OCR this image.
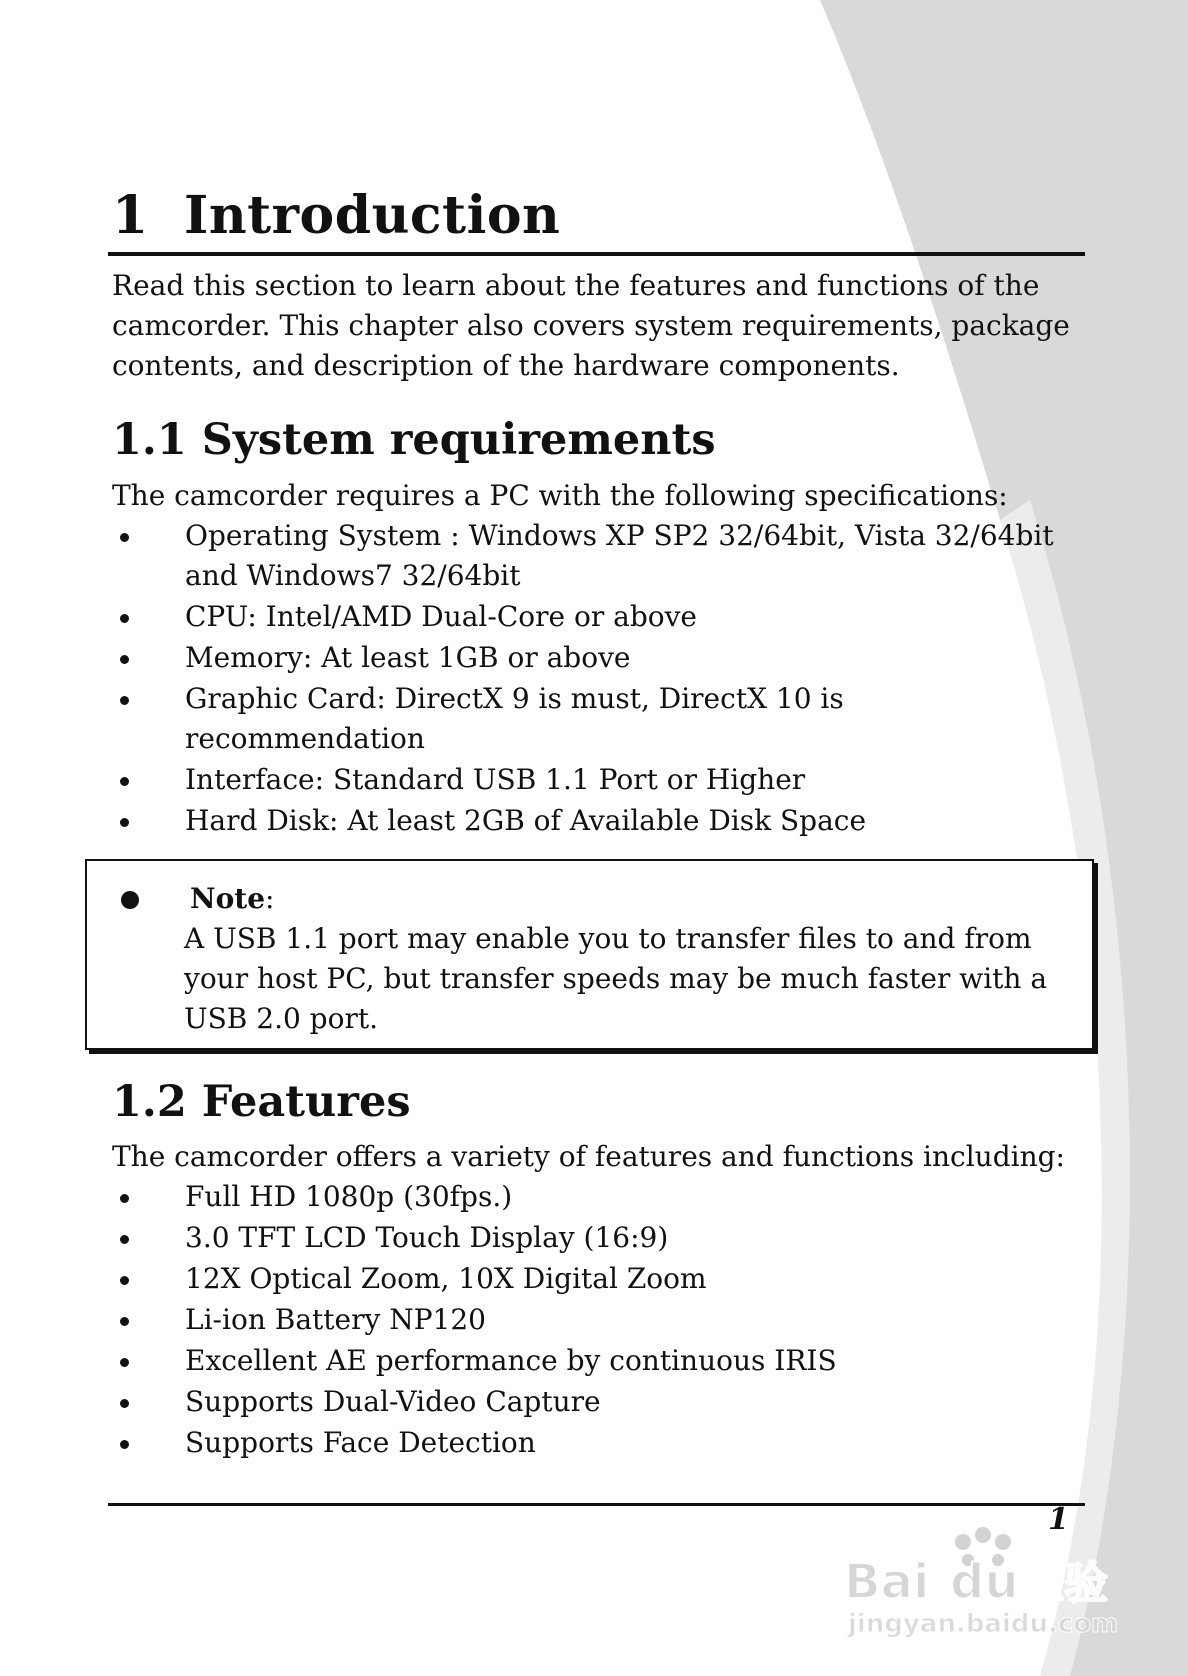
1 Introduction

Read this section to learn about the features and functions of the camcorder. This chapter also covers system requirements, package contents, and description of the hardware components.

1.1 System requirements

The camcorder requires a PC with the following specifications:

Operating System : Windows XP SP2 32/64bit, Vista 32/64bit and Windows7 32/64bit
CPU: Intel/AMD Dual-Core or above
Memory: At least 1GB or above
Graphic Card: DirectX 9 is must, DirectX 10 is recommendation
Interface: Standard USB 1.1 Port or Higher
Hard Disk: At least 2GB of Available Disk Space
Note:

A USB 1.1 port may enable you to transfer files to and from your host PC, but transfer speeds may be much faster with a USB 2.0 port.

1.2 Features

The camcorder offers a variety of features and functions including:

Full HD 1080p (30fps.)
3.0 TFT LCD Touch Display (16:9)
12X Optical Zoom, 10X Digital Zoom
Li-ion Battery NP120
Excellent AE performance by continuous IRIS
Supports Dual-Video Capture
Supports Face Detection
1
Bai du 经验
jingyan.baidu.com
